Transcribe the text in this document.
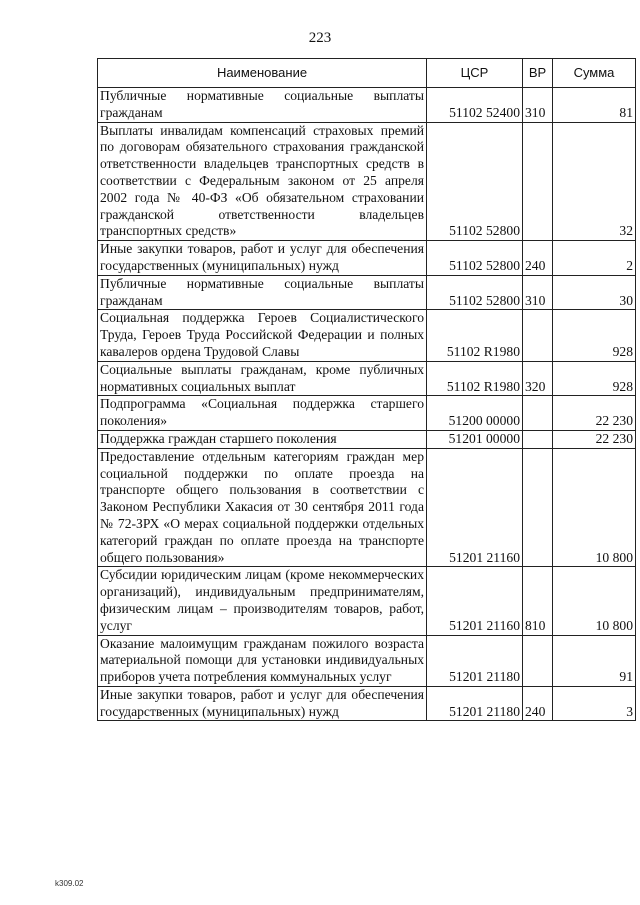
223
Наименование	ЦСР	ВР	Сумма
Публичные нормативные социальные выплаты гражданам	51102 52400	310	81
Выплаты инвалидам компенсаций страховых премий по договорам обязательного страхования гражданской ответственности владельцев транспортных средств в соответствии с Федеральным законом от 25 апреля 2002 года № 40-ФЗ «Об обязательном страховании гражданской ответственности владельцев транспортных средств»	51102 52800		32
Иные закупки товаров, работ и услуг для обеспечения государственных (муниципальных) нужд	51102 52800	240	2
Публичные нормативные социальные выплаты гражданам	51102 52800	310	30
Социальная поддержка Героев Социалистического Труда, Героев Труда Российской Федерации и полных кавалеров ордена Трудовой Славы	51102 R1980		928
Социальные выплаты гражданам, кроме публичных нормативных социальных выплат	51102 R1980	320	928
Подпрограмма «Социальная поддержка старшего поколения»	51200 00000		22 230
Поддержка граждан старшего поколения	51201 00000		22 230
Предоставление отдельным категориям граждан мер социальной поддержки по оплате проезда на транспорте общего пользования в соответствии с Законом Республики Хакасия от 30 сентября 2011 года № 72-ЗРХ «О мерах социальной поддержки отдельных категорий граждан по оплате проезда на транспорте общего пользования»	51201 21160		10 800
Субсидии юридическим лицам (кроме некоммерческих организаций), индивидуальным предпринимателям, физическим лицам – производителям товаров, работ, услуг	51201 21160	810	10 800
Оказание малоимущим гражданам пожилого возраста материальной помощи для установки индивидуальных приборов учета потребления коммунальных услуг	51201 21180		91
Иные закупки товаров, работ и услуг для обеспечения государственных (муниципальных) нужд	51201 21180	240	3
k309.02
